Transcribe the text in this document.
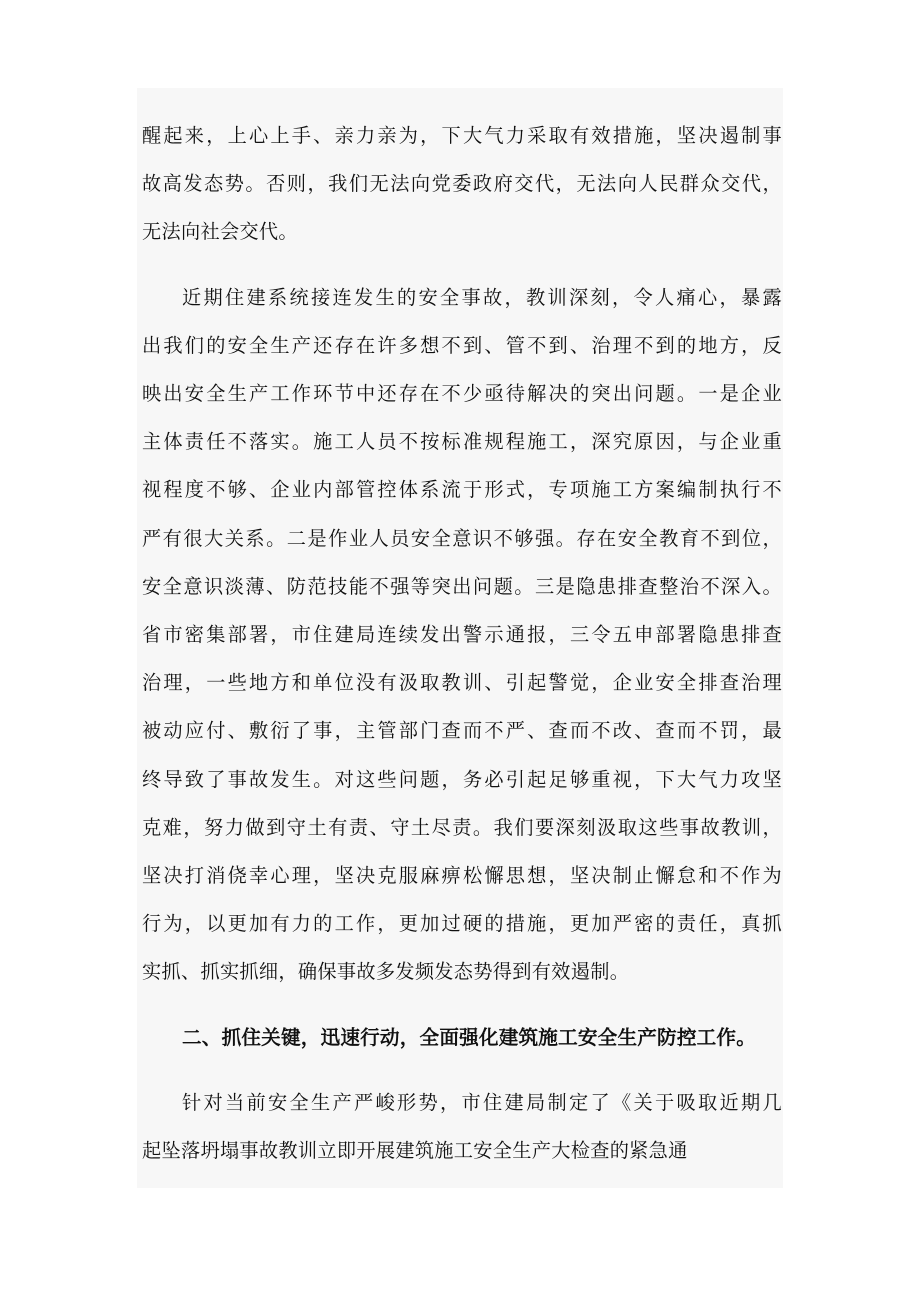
醒起来，上心上手、亲力亲为，下大气力采取有效措施，坚决遏制事
故高发态势。否则，我们无法向党委政府交代，无法向人民群众交代，
无法向社会交代。

近期住建系统接连发生的安全事故，教训深刻，令人痛心，暴露
出我们的安全生产还存在许多想不到、管不到、治理不到的地方，反
映出安全生产工作环节中还存在不少亟待解决的突出问题。一是企业
主体责任不落实。施工人员不按标准规程施工，深究原因，与企业重
视程度不够、企业内部管控体系流于形式，专项施工方案编制执行不
严有很大关系。二是作业人员安全意识不够强。存在安全教育不到位，
安全意识淡薄、防范技能不强等突出问题。三是隐患排查整治不深入。
省市密集部署，市住建局连续发出警示通报，三令五申部署隐患排查
治理，一些地方和单位没有汲取教训、引起警觉，企业安全排查治理
被动应付、敷衍了事，主管部门查而不严、查而不改、查而不罚，最
终导致了事故发生。对这些问题，务必引起足够重视，下大气力攻坚
克难，努力做到守土有责、守土尽责。我们要深刻汲取这些事故教训，
坚决打消侥幸心理，坚决克服麻痹松懈思想，坚决制止懈怠和不作为
行为，以更加有力的工作，更加过硬的措施，更加严密的责任，真抓
实抓、抓实抓细，确保事故多发频发态势得到有效遏制。

二、抓住关键，迅速行动，全面强化建筑施工安全生产防控工作。

针对当前安全生产严峻形势，市住建局制定了《关于吸取近期几
起坠落坍塌事故教训立即开展建筑施工安全生产大检查的紧急通
